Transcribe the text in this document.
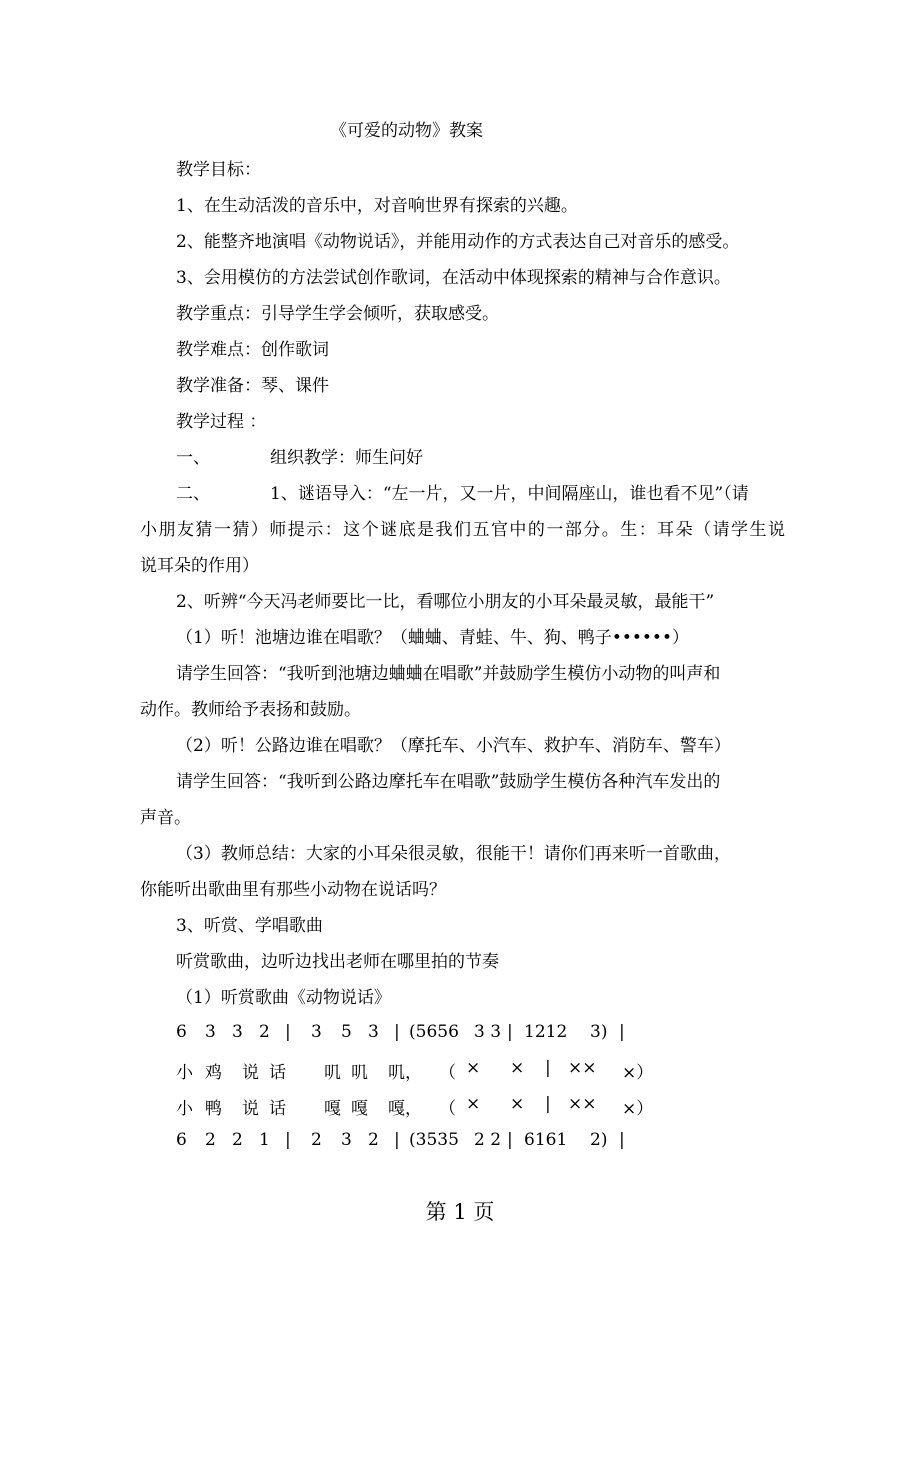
《可爱的动物》教案
教学目标：
1、在生动活泼的音乐中，对音响世界有探索的兴趣。
2、能整齐地演唱《动物说话》，并能用动作的方式表达自己对音乐的感受。
3、会用模仿的方法尝试创作歌词，在活动中体现探索的精神与合作意识。
教学重点：引导学生学会倾听，获取感受。
教学难点：创作歌词
教学准备：琴、课件
教学过程 ：
一、	组织教学：师生问好
二、	1、谜语导入：“左一片，又一片，中间隔座山，谁也看不见”（请
小朋友猜一猜）师提示：这个谜底是我们五官中的一部分。生：耳朵（请学生说
说耳朵的作用）
2、听辨“今天冯老师要比一比，看哪位小朋友的小耳朵最灵敏，最能干”
（1）听！池塘边谁在唱歌？（蛐蛐、青蛙、牛、狗、鸭子••••••）
请学生回答：“我听到池塘边蛐蛐在唱歌”并鼓励学生模仿小动物的叫声和
动作。教师给予表扬和鼓励。
（2）听！公路边谁在唱歌？（摩托车、小汽车、救护车、消防车、警车）
请学生回答：“我听到公路边摩托车在唱歌”鼓励学生模仿各种汽车发出的
声音。
（3）教师总结：大家的小耳朵很灵敏，很能干！请你们再来听一首歌曲，
你能听出歌曲里有那些小动物在说话吗？
3、听赏、学唱歌曲
听赏歌曲，边听边找出老师在哪里拍的节奏
（1）听赏歌曲《动物说话》

6

3

3

2

|

3

5

3

|

(5656

3 3

|

1212

3)

|

小

鸡

说

话

叽

叽

叽，

（

×

×

|

××

×）

小

鸭

说

话

嘎

嘎

嘎，

（

×

×

|

××

×）

6

2

2

1

|

2

3

2

|

(3535

2 2

|

6161

2)

|

第 1 页
